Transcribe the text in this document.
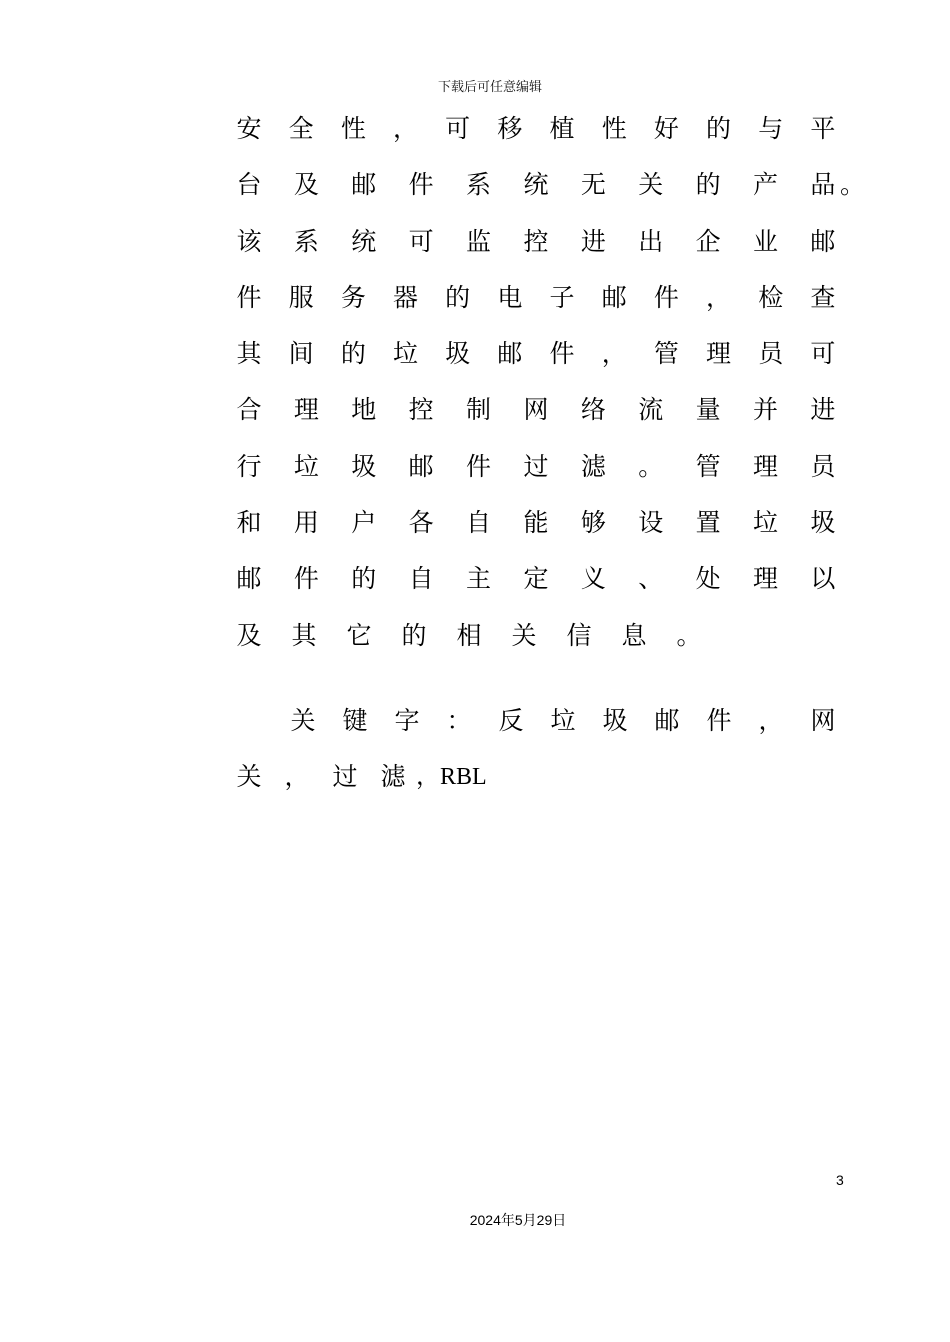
下载后可任意编辑
安 全 性 ， 可 移 植 性 好 的 与 平
台 及 邮 件 系 统 无 关 的 产 品
该 系 统 可 监 控 进 出 企 业 邮
件 服 务 器 的 电 子 邮 件 ， 检 查
其 间 的 垃 圾 邮 件 ， 管 理 员 可
合 理 地 控 制 网 络 流 量 并 进
行 垃 圾 邮 件 过 滤 。 管 理 员
和 用 户 各 自 能 够 设 置 垃 圾
邮 件 的 自 主 定 义 、 处 理 以
及 其 它 的 相 关 信 息 。
。
关 键 字 ： 反 垃 圾 邮 件 ， 网
关 ， 过 滤 ，RBL
3
2024年5月29日
